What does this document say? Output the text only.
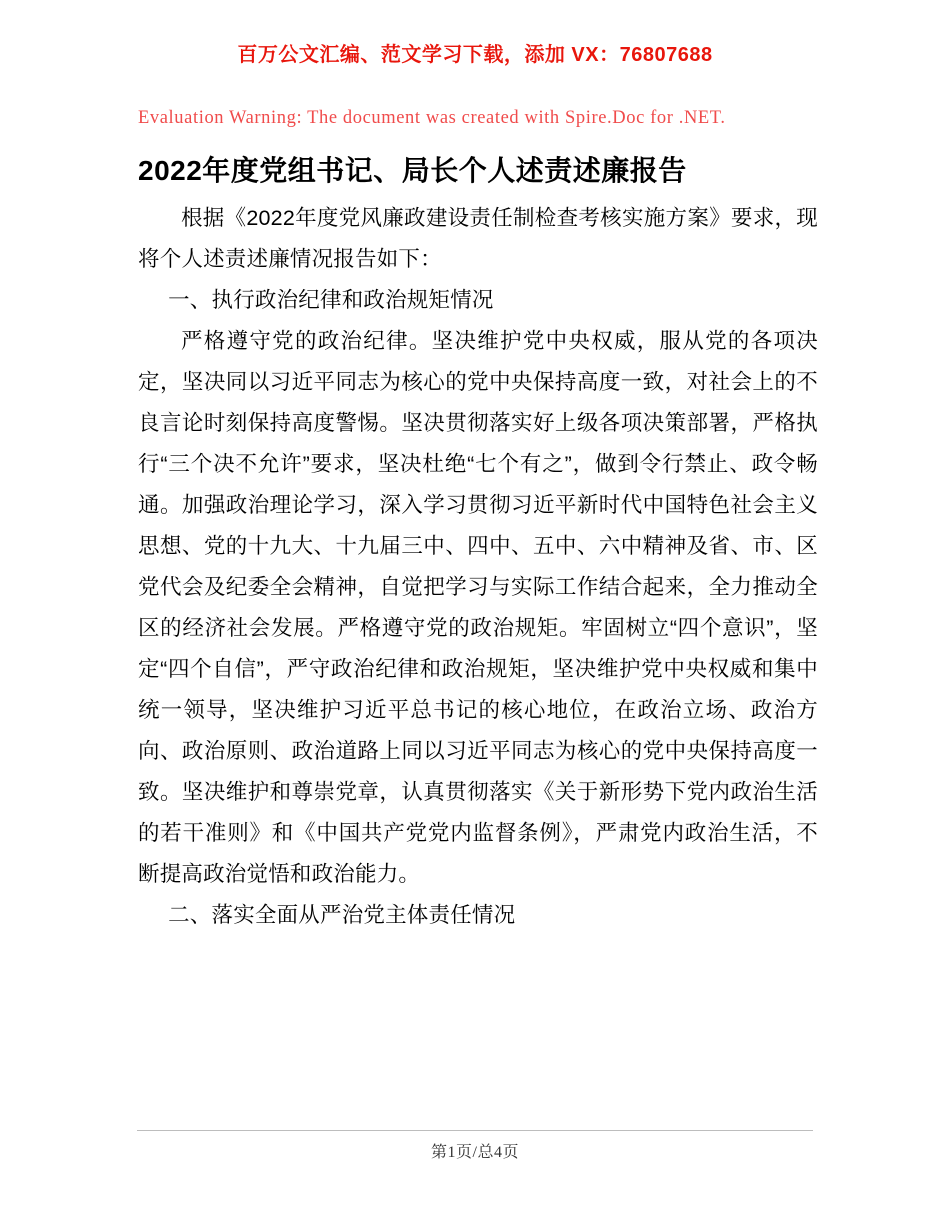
百万公文汇编、范文学习下载，添加 VX：76807688
Evaluation Warning: The document was created with Spire.Doc for .NET.
2022年度党组书记、局长个人述责述廉报告

根据《2022年度党风廉政建设责任制检查考核实施方案》要求，现将个人述责述廉情况报告如下：

一、执行政治纪律和政治规矩情况

严格遵守党的政治纪律。坚决维护党中央权威，服从党的各项决定，坚决同以习近平同志为核心的党中央保持高度一致，对社会上的不良言论时刻保持高度警惕。坚决贯彻落实好上级各项决策部署，严格执行“三个决不允许”要求，坚决杜绝“七个有之”，做到令行禁止、政令畅通。加强政治理论学习，深入学习贯彻习近平新时代中国特色社会主义思想、党的十九大、十九届三中、四中、五中、六中精神及省、市、区党代会及纪委全会精神，自觉把学习与实际工作结合起来，全力推动全区的经济社会发展。严格遵守党的政治规矩。牢固树立“四个意识”，坚定“四个自信”，严守政治纪律和政治规矩，坚决维护党中央权威和集中统一领导，坚决维护习近平总书记的核心地位，在政治立场、政治方向、政治原则、政治道路上同以习近平同志为核心的党中央保持高度一致。坚决维护和尊崇党章，认真贯彻落实《关于新形势下党内政治生活的若干准则》和《中国共产党党内监督条例》，严肃党内政治生活，不断提高政治觉悟和政治能力。

二、落实全面从严治党主体责任情况

第1页/总4页
